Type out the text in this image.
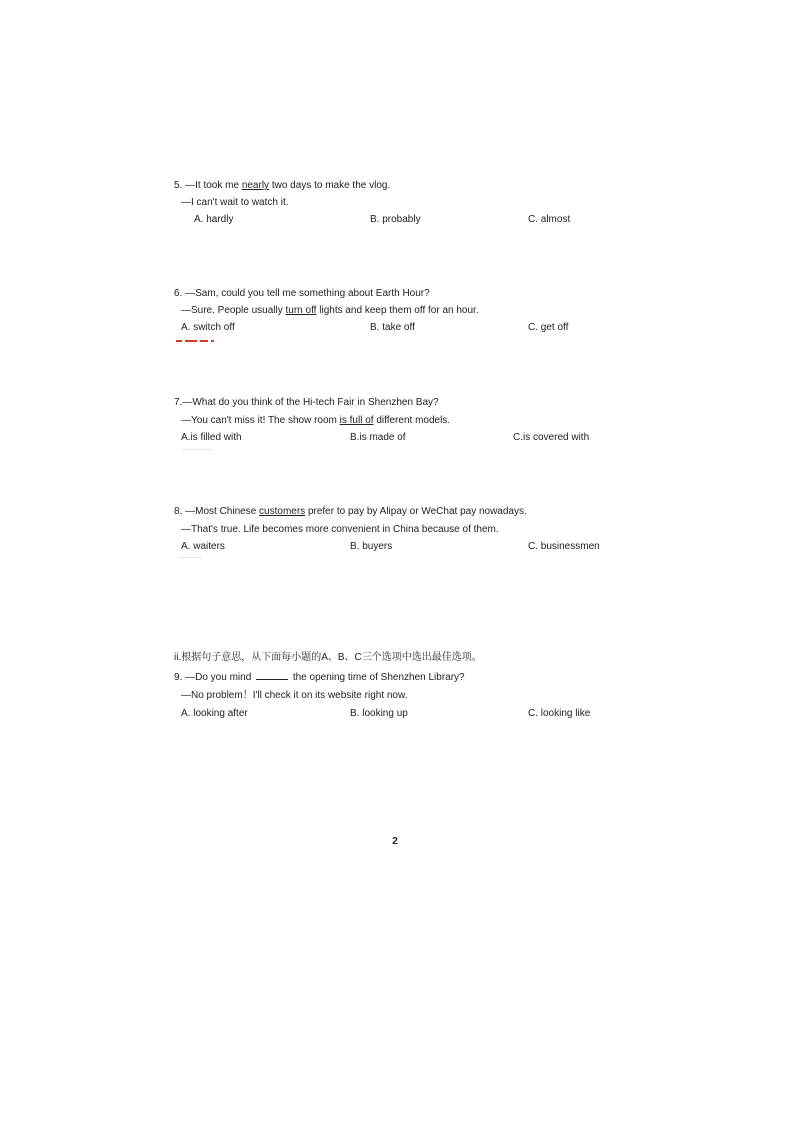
5. —It took me nearly two days to make the vlog.
—I can't wait to watch it.
A. hardly	B. probably	C. almost
6. —Sam, could you tell me something about Earth Hour?
—Sure. People usually turn off lights and keep them off for an hour.
A. switch off	B. take off	C. get off
7.—What do you think of the Hi-tech Fair in Shenzhen Bay?
—You can't miss it! The show room is full of different models.
A.is filled with	B.is made of	C.is covered with
8. —Most Chinese customers prefer to pay by Alipay or WeChat pay nowadays.
—That's true. Life becomes more convenient in China because of them.
A. waiters	B. buyers	C. businessmen
ii.根据句子意思，从下面每小题的A、B、C三个选项中选出最佳选项。
9. —Do you mind	the opening time of Shenzhen Library?
—No problem！I'll check it on its website right now.
A. looking after	B. looking up	C. looking like
2
